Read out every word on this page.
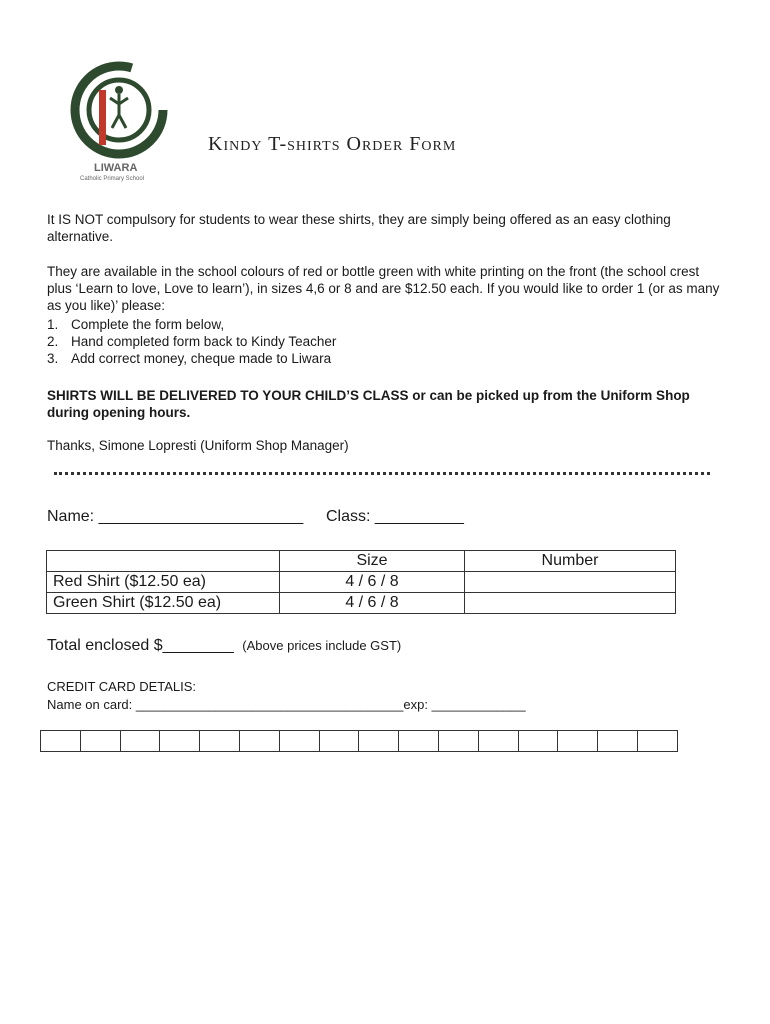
LIWARA
Catholic Primary School
Kindy T-shirts Order Form
It IS NOT compulsory for students to wear these shirts, they are simply being offered as an easy clothing alternative.
They are available in the school colours of red or bottle green with white printing on the front (the school crest plus ‘Learn to love, Love to learn’), in sizes 4,6 or 8 and are $12.50 each. If you would like to order 1 (or as many as you like)’ please:
1. Complete the form below,
2. Hand completed form back to Kindy Teacher
3. Add correct money, cheque made to Liwara
SHIRTS WILL BE DELIVERED TO YOUR CHILD’S CLASS or can be picked up from the Uniform Shop during opening hours.
Thanks, Simone Lopresti (Uniform Shop Manager)
Name: _______________________ Class: __________
	Size	Number
Red Shirt ($12.50 ea)	4 / 6 / 8	
Green Shirt ($12.50 ea)	4 / 6 / 8	
Total enclosed $________ (Above prices include GST)
CREDIT CARD DETALIS:
Name on card: _____________________________________exp: _____________
